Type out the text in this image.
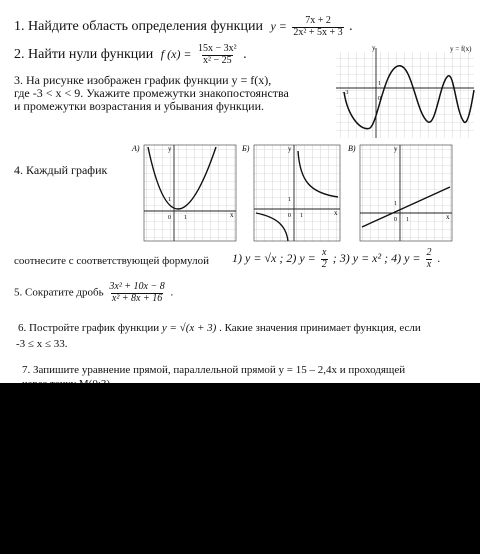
1. Найдите область определения функции $y = \frac{7x + 2}{\text{2x² + 5x + 3}}$ .
2. Найти нули функции f $(x) = \frac{\text{15x − 3x²}}{\text{x² − 25}}$ .
3. На рисунке изображен график функции y = f(x),
где -3 < x < 9. Укажите промежутки знакопостоянства
и промежутки возрастания и убывания функции.
y	y = f(x)
−3
0
1
4. Каждый график
А)	y
x
0 1
1
Б)	y
x
0 1
1
В)	y
x
0 1
1
соотнесите с соответствующей формулой 1) y = √x ; 2) $y = \frac{x}{2}$ ; 3) y = x² ; 4) $y = \frac{2}{x}$ .
5. Сократите дробь $\frac{\text{3x² + 10x − 8}}{\text{x² + 8x + 16}}$ .
6. Постройте график функции y = √(x + 3) . Какие значения принимает функция, если
-3 ≤ x ≤ 33.
7. Запишите уравнение прямой, параллельной прямой y = 15 – 2,4x и проходящей
